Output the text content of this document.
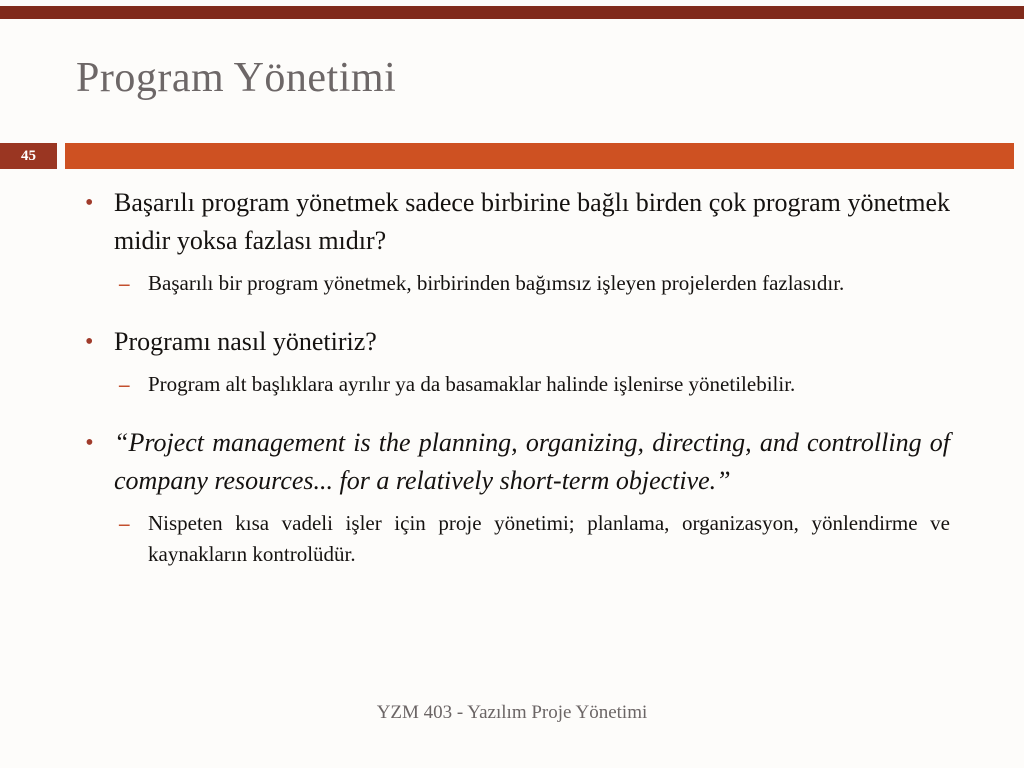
Program Yönetimi
45
• Başarılı program yönetmek sadece birbirine bağlı birden çok program yönetmek midir yoksa fazlası mıdır?
– Başarılı bir program yönetmek, birbirinden bağımsız işleyen projelerden fazlasıdır.
• Programı nasıl yönetiriz?
– Program alt başlıklara ayrılır ya da basamaklar halinde işlenirse yönetilebilir.
• “Project management is the planning, organizing, directing, and controlling of company resources... for a relatively short-term objective.”
– Nispeten kısa vadeli işler için proje yönetimi; planlama, organizasyon, yönlendirme ve kaynakların kontrolüdür.
YZM 403 - Yazılım Proje Yönetimi
